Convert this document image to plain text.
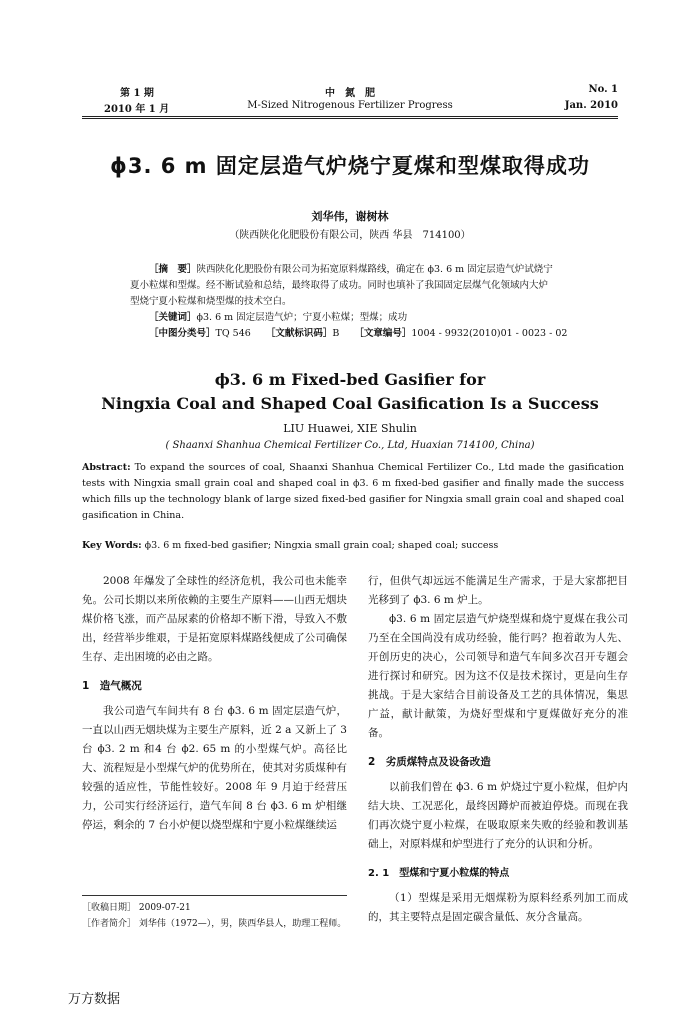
第 1 期
2010 年 1 月
中　氮　肥
M-Sized Nitrogenous Fertilizer Progress
No. 1
Jan. 2010
ϕ3. 6 m 固定层造气炉烧宁夏煤和型煤取得成功
刘华伟，谢树林
（陕西陕化化肥股份有限公司，陕西 华县　714100）
［摘　要］陕西陕化化肥股份有限公司为拓宽原料煤路线，确定在 ϕ3. 6 m 固定层造气炉试烧宁
夏小粒煤和型煤。经不断试验和总结，最终取得了成功。同时也填补了我国固定层煤气化领域内大炉
型烧宁夏小粒煤和烧型煤的技术空白。
［关键词］ϕ3. 6 m 固定层造气炉；宁夏小粒煤；型煤；成功
［中图分类号］TQ 546 ［文献标识码］B ［文章编号］1004 - 9932(2010)01 - 0023 - 02
ϕ3. 6 m Fixed-bed Gasifier for
Ningxia Coal and Shaped Coal Gasification Is a Success
LIU Huawei, XIE Shulin
( Shaanxi Shanhua Chemical Fertilizer Co., Ltd, Huaxian 714100, China)
Abstract: To expand the sources of coal, Shaanxi Shanhua Chemical Fertilizer Co., Ltd made the gasification tests with Ningxia small grain coal and shaped coal in ϕ3. 6 m fixed-bed gasifier and finally made the success which fills up the technology blank of large sized fixed-bed gasifier for Ningxia small grain coal and shaped coal gasification in China.
Key Words: ϕ3. 6 m fixed-bed gasifier; Ningxia small grain coal; shaped coal; success

2008 年爆发了全球性的经济危机，我公司也未能幸免。公司长期以来所依赖的主要生产原料——山西无烟块煤价格飞涨，而产品尿素的价格却不断下滑，导致入不敷出，经营举步维艰，于是拓宽原料煤路线便成了公司确保生存、走出困境的必由之路。

1　造气概况

我公司造气车间共有 8 台 ϕ3. 6 m 固定层造气炉，一直以山西无烟块煤为主要生产原料，近 2 a 又新上了 3 台 ϕ3. 2 m 和4 台 ϕ2. 65 m 的小型煤气炉。高径比大、流程短是小型煤气炉的优势所在，使其对劣质煤种有较强的适应性，节能性较好。2008 年 9 月迫于经营压力，公司实行经济运行，造气车间 8 台 ϕ3. 6 m 炉相继停运，剩余的 7 台小炉便以烧型煤和宁夏小粒煤继续运

［收稿日期］ 2009-07-21
［作者简介］ 刘华伟（1972—），男，陕西华县人，助理工程师。

行，但供气却远远不能满足生产需求，于是大家都把目光移到了 ϕ3. 6 m 炉上。

ϕ3. 6 m 固定层造气炉烧型煤和烧宁夏煤在我公司乃至在全国尚没有成功经验，能行吗？抱着敢为人先、开创历史的决心，公司领导和造气车间多次召开专题会进行探讨和研究。因为这不仅是技术探讨，更是向生存挑战。于是大家结合目前设备及工艺的具体情况，集思广益，献计献策，为烧好型煤和宁夏煤做好充分的准备。

2　劣质煤特点及设备改造

以前我们曾在 ϕ3. 6 m 炉烧过宁夏小粒煤，但炉内结大块、工况恶化，最终因蹲炉而被迫停烧。而现在我们再次烧宁夏小粒煤，在吸取原来失败的经验和教训基础上，对原料煤和炉型进行了充分的认识和分析。

2. 1　型煤和宁夏小粒煤的特点

（1）型煤是采用无烟煤粉为原料经系列加工而成的，其主要特点是固定碳含量低、灰分含量高。

万方数据
